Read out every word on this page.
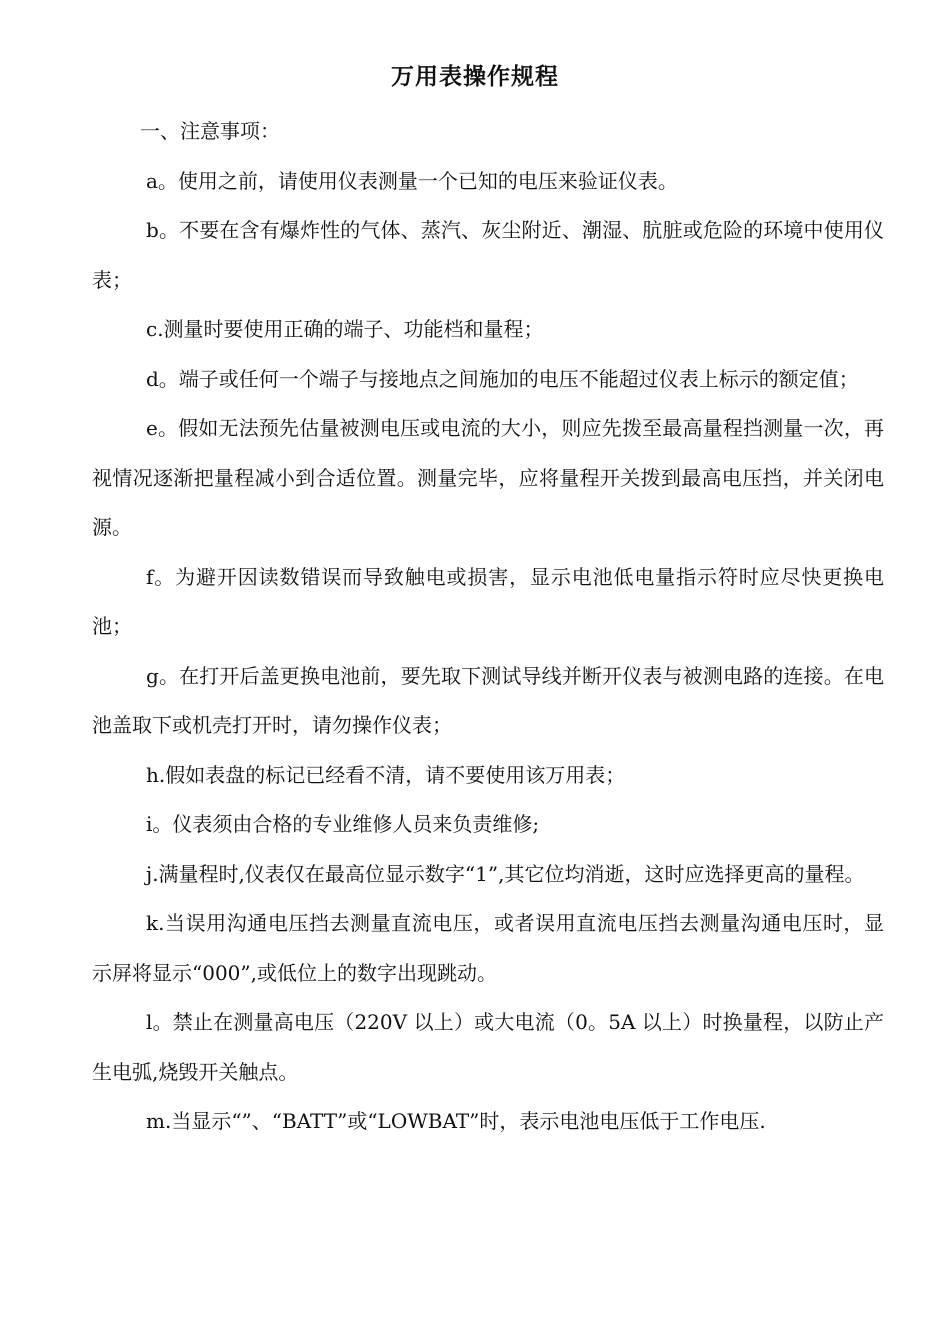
万用表操作规程

一、注意事项：

a。使用之前，请使用仪表测量一个已知的电压来验证仪表。

b。不要在含有爆炸性的气体、蒸汽、灰尘附近、潮湿、肮脏或危险的环境中使用仪表；

c.测量时要使用正确的端子、功能档和量程；

d。端子或任何一个端子与接地点之间施加的电压不能超过仪表上标示的额定值；

e。假如无法预先估量被测电压或电流的大小，则应先拨至最高量程挡测量一次，再视情况逐渐把量程减小到合适位置。测量完毕，应将量程开关拨到最高电压挡，并关闭电源。

f。为避开因读数错误而导致触电或损害，显示电池低电量指示符时应尽快更换电池；

g。在打开后盖更换电池前，要先取下测试导线并断开仪表与被测电路的连接。在电池盖取下或机壳打开时，请勿操作仪表；

h.假如表盘的标记已经看不清，请不要使用该万用表；

i。仪表须由合格的专业维修人员来负责维修;

j.满量程时,仪表仅在最高位显示数字“1”,其它位均消逝，这时应选择更高的量程。

k.当误用沟通电压挡去测量直流电压，或者误用直流电压挡去测量沟通电压时，显示屏将显示“000”,或低位上的数字出现跳动。

l。禁止在测量高电压（220V 以上）或大电流（0。5A 以上）时换量程，以防止产生电弧,烧毁开关触点。

m.当显示“”、“BATT”或“LOWBAT”时，表示电池电压低于工作电压.
